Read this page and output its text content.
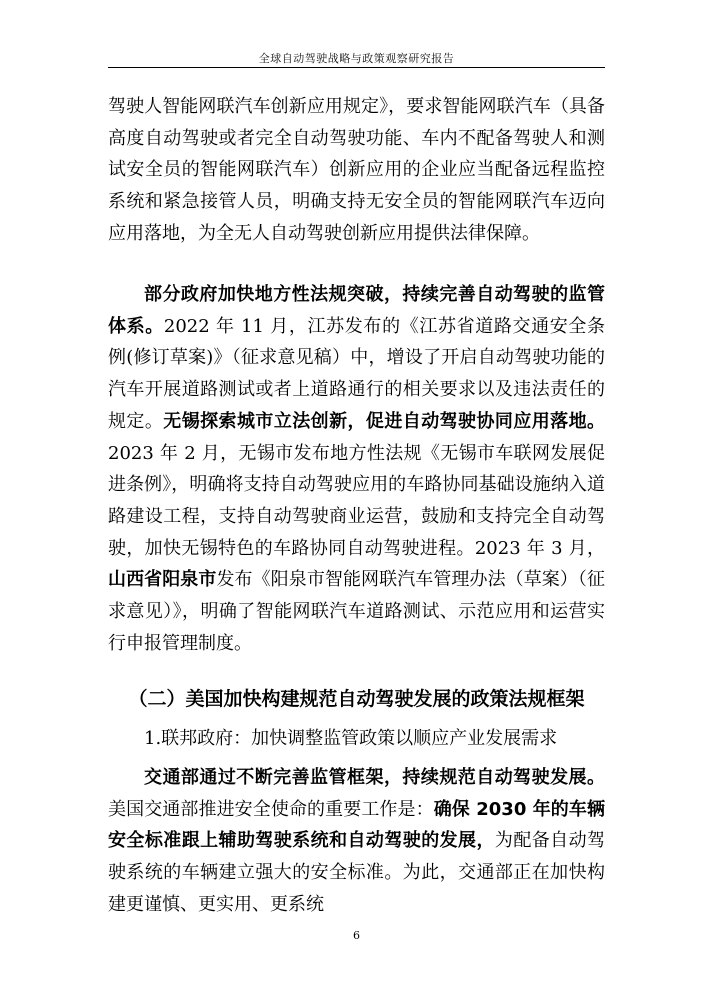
全球自动驾驶战略与政策观察研究报告

驾驶人智能网联汽车创新应用规定》，要求智能网联汽车（具备高度自动驾驶或者完全自动驾驶功能、车内不配备驾驶人和测试安全员的智能网联汽车）创新应用的企业应当配备远程监控系统和紧急接管人员，明确支持无安全员的智能网联汽车迈向应用落地，为全无人自动驾驶创新应用提供法律保障。

部分政府加快地方性法规突破，持续完善自动驾驶的监管体系。2022 年 11 月，江苏发布的《江苏省道路交通安全条例(修订草案)》（征求意见稿）中，增设了开启自动驾驶功能的汽车开展道路测试或者上道路通行的相关要求以及违法责任的规定。无锡探索城市立法创新，促进自动驾驶协同应用落地。2023 年 2 月，无锡市发布地方性法规《无锡市车联网发展促进条例》，明确将支持自动驾驶应用的车路协同基础设施纳入道路建设工程，支持自动驾驶商业运营，鼓励和支持完全自动驾驶，加快无锡特色的车路协同自动驾驶进程。2023 年 3 月，山西省阳泉市发布《阳泉市智能网联汽车管理办法（草案）（征求意见）》，明确了智能网联汽车道路测试、示范应用和运营实行申报管理制度。

（二）美国加快构建规范自动驾驶发展的政策法规框架
1.联邦政府：加快调整监管政策以顺应产业发展需求

交通部通过不断完善监管框架，持续规范自动驾驶发展。美国交通部推进安全使命的重要工作是：确保 2030 年的车辆安全标准跟上辅助驾驶系统和自动驾驶的发展，为配备自动驾驶系统的车辆建立强大的安全标准。为此，交通部正在加快构建更谨慎、更实用、更系统

6
